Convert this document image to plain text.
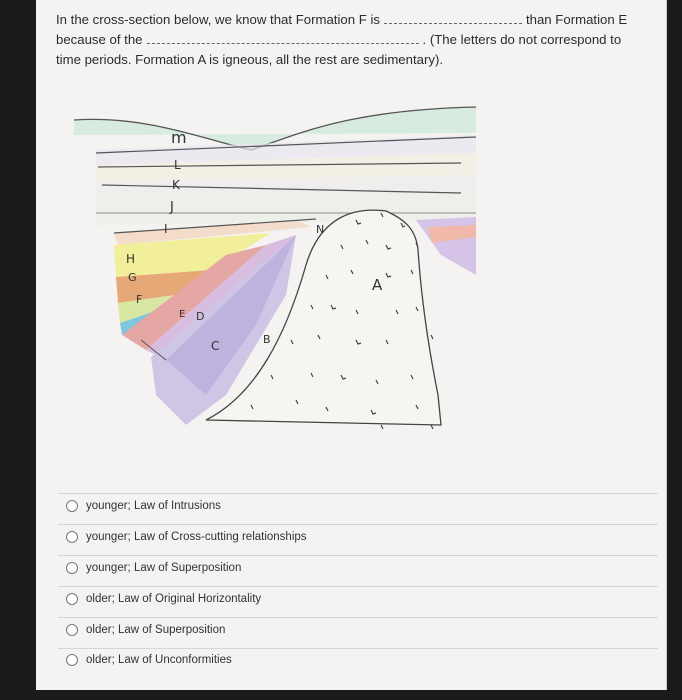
In the cross-section below, we know that Formation F is	than Formation E
because of the	. (The letters do not correspond to
time periods. Formation A is igneous, all the rest are sedimentary).
m
L
K
J
I
H
G
F
E D
C	B
N
A
younger; Law of Intrusions
younger; Law of Cross-cutting relationships
younger; Law of Superposition
older; Law of Original Horizontality
older; Law of Superposition
older; Law of Unconformities
